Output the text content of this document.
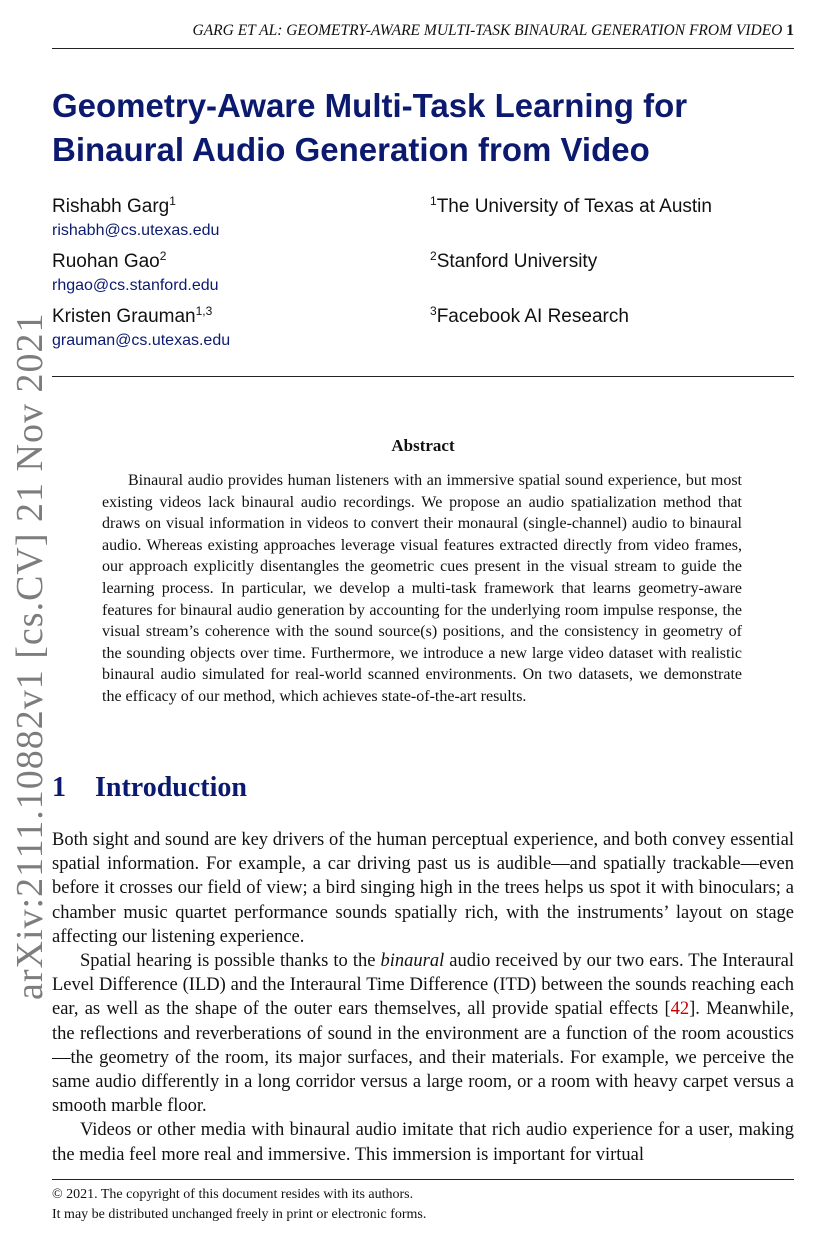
arXiv:2111.10882v1 [cs.CV] 21 Nov 2021
GARG ET AL: GEOMETRY-AWARE MULTI-TASK BINAURAL GENERATION FROM VIDEO 1
Geometry-Aware Multi-Task Learning for Binaural Audio Generation from Video
Rishabh Garg$^1$
rishabh@cs.utexas.edu
$^1$The University of Texas at Austin
Ruohan Gao$^2$
rhgao@cs.stanford.edu
$^2$Stanford University
Kristen Grauman$^{1,3}$
grauman@cs.utexas.edu
$^3$Facebook AI Research
Abstract

Binaural audio provides human listeners with an immersive spatial sound experience, but most existing videos lack binaural audio recordings. We propose an audio spatialization method that draws on visual information in videos to convert their monaural (single-channel) audio to binaural audio. Whereas existing approaches leverage visual features extracted directly from video frames, our approach explicitly disentangles the geometric cues present in the visual stream to guide the learning process. In particular, we develop a multi-task framework that learns geometry-aware features for binaural audio generation by accounting for the underlying room impulse response, the visual stream’s coherence with the sound source(s) positions, and the consistency in geometry of the sounding objects over time. Furthermore, we introduce a new large video dataset with realistic binaural audio simulated for real-world scanned environments. On two datasets, we demonstrate the efficacy of our method, which achieves state-of-the-art results.

1 Introduction

Both sight and sound are key drivers of the human perceptual experience, and both convey essential spatial information. For example, a car driving past us is audible—and spatially trackable—even before it crosses our field of view; a bird singing high in the trees helps us spot it with binoculars; a chamber music quartet performance sounds spatially rich, with the instruments’ layout on stage affecting our listening experience.

Spatial hearing is possible thanks to the binaural audio received by our two ears. The Interaural Level Difference (ILD) and the Interaural Time Difference (ITD) between the sounds reaching each ear, as well as the shape of the outer ears themselves, all provide spatial effects [42]. Meanwhile, the reflections and reverberations of sound in the environment are a function of the room acoustics—the geometry of the room, its major surfaces, and their materials. For example, we perceive the same audio differently in a long corridor versus a large room, or a room with heavy carpet versus a smooth marble floor.

Videos or other media with binaural audio imitate that rich audio experience for a user, making the media feel more real and immersive. This immersion is important for virtual

© 2021. The copyright of this document resides with its authors.
It may be distributed unchanged freely in print or electronic forms.
